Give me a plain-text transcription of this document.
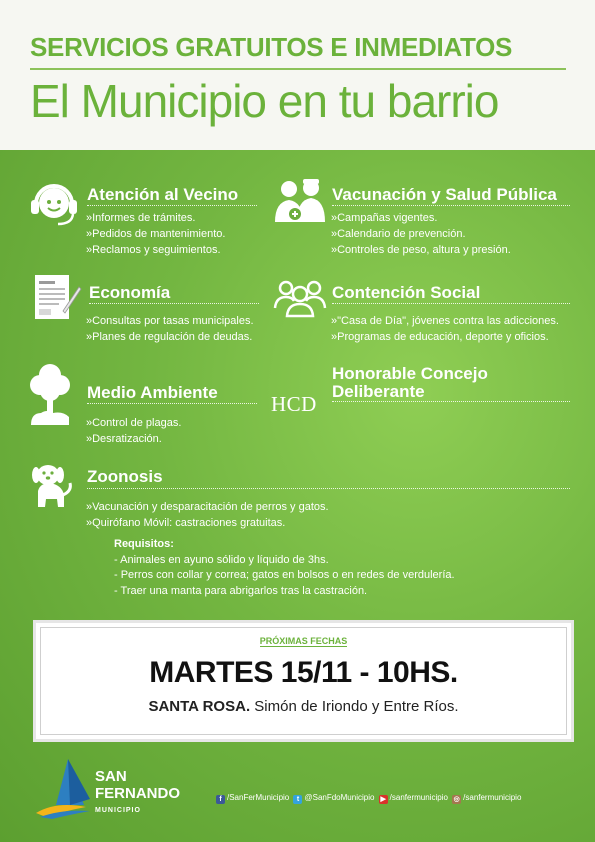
SERVICIOS GRATUITOS E INMEDIATOS
El Municipio en tu barrio
Atención al Vecino
»Informes de trámites.
»Pedidos de mantenimiento.
»Reclamos y seguimientos.
Vacunación y Salud Pública
»Campañas vigentes.
»Calendario de prevención.
»Controles de peso, altura y presión.
Economía
»Consultas por tasas municipales.
»Planes de regulación de deudas.
Contención Social
»"Casa de Día", jóvenes contra las adicciones.
»Programas de educación, deporte y oficios.
Medio Ambiente
»Control de plagas.
»Desratización.
HCD
Honorable Concejo
Deliberante
Zoonosis
»Vacunación y desparacitación de perros y gatos.
»Quirófano Móvil: castraciones gratuitas.
Requisitos:
- Animales en ayuno sólido y líquido de 3hs.
- Perros con collar y correa; gatos en bolsos o en redes de verdulería.
- Traer una manta para abrigarlos tras la castración.
PRÓXIMAS FECHAS
MARTES 15/11 - 10HS.
SANTA ROSA. Simón de Iriondo y Entre Ríos.
SAN
FERNANDO
MUNICIPIO
f /SanFerMunicipio t @SanFdoMunicipio ▶ /sanfermunicipio ◎ /sanfermunicipio
